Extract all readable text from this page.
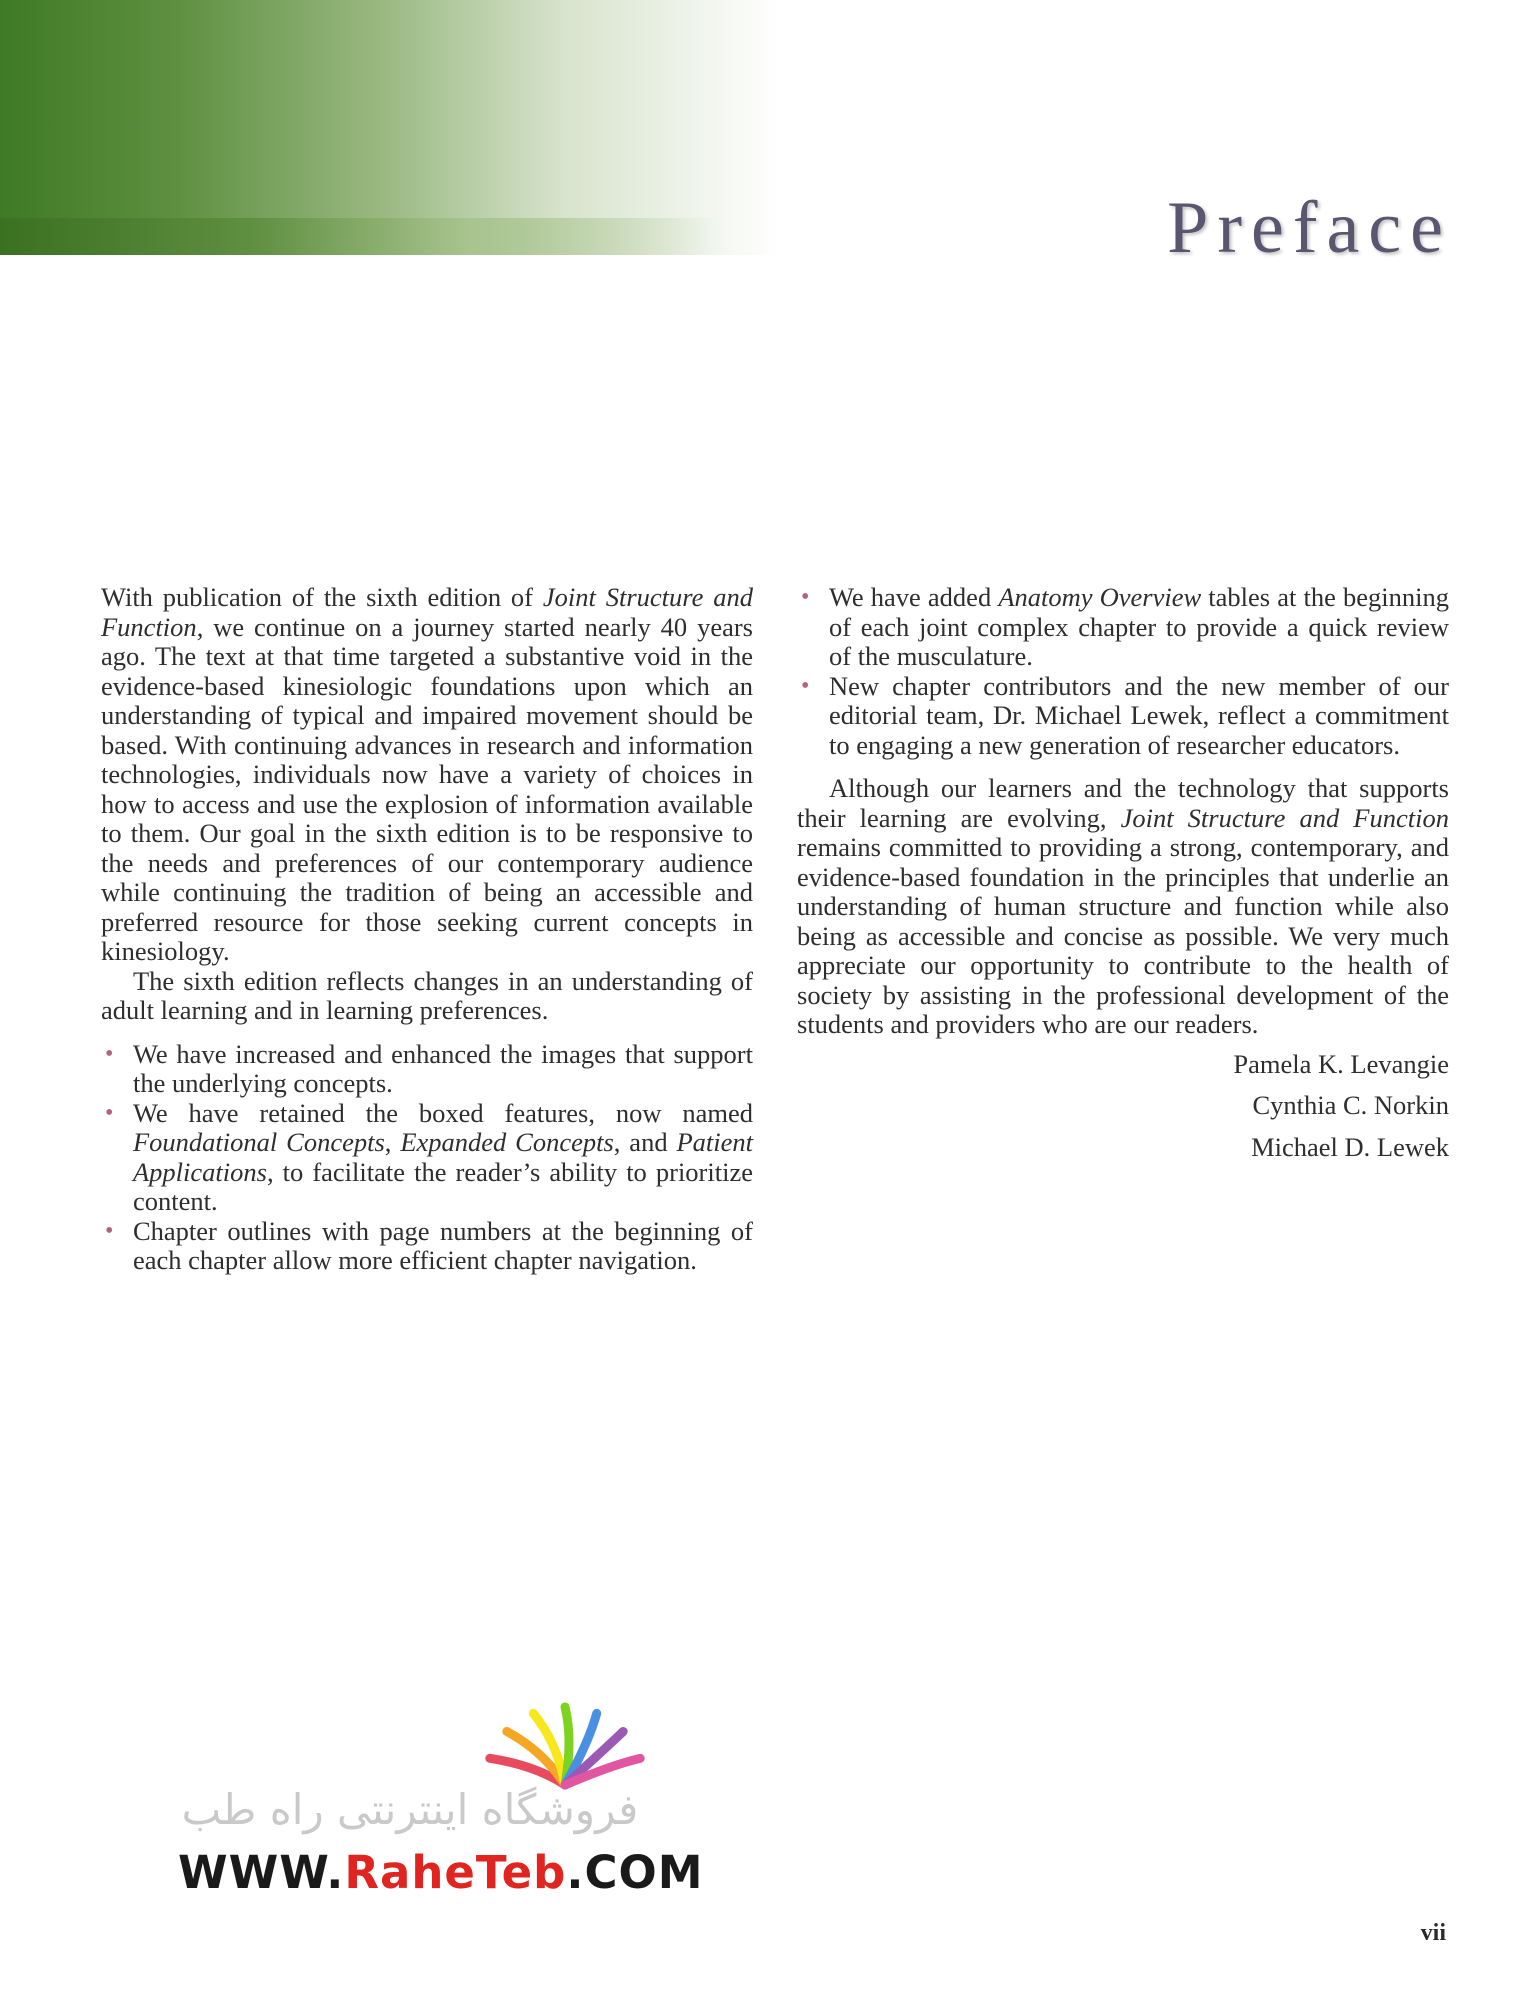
Preface

With publication of the sixth edition of Joint Structure and Function, we continue on a journey started nearly 40 years ago. The text at that time targeted a substantive void in the evidence-based kinesiologic foundations upon which an understanding of typical and impaired movement should be based. With continuing advances in research and information technologies, individuals now have a variety of choices in how to access and use the explosion of information available to them. Our goal in the sixth edition is to be responsive to the needs and preferences of our contemporary audience while continuing the tradition of being an accessible and preferred resource for those seeking current concepts in kinesiology.

The sixth edition reflects changes in an understanding of adult learning and in learning preferences.

• We have increased and enhanced the images that support the underlying concepts.
• We have retained the boxed features, now named Foundational Concepts, Expanded Concepts, and Patient Applications, to facilitate the reader’s ability to prioritize content.
• Chapter outlines with page numbers at the beginning of each chapter allow more efficient chapter navigation.
• We have added Anatomy Overview tables at the beginning of each joint complex chapter to provide a quick review of the musculature.
• New chapter contributors and the new member of our editorial team, Dr. Michael Lewek, reflect a commitment to engaging a new generation of researcher educators.

Although our learners and the technology that supports their learning are evolving, Joint Structure and Function remains committed to providing a strong, contemporary, and evidence-based foundation in the principles that underlie an understanding of human structure and function while also being as accessible and concise as possible. We very much appreciate our opportunity to contribute to the health of society by assisting in the professional development of the students and providers who are our readers.

Pamela K. Levangie

Cynthia C. Norkin

Michael D. Lewek

فروشگاه اینترنتی راه طب
WWW.RaheTeb.COM
vii
